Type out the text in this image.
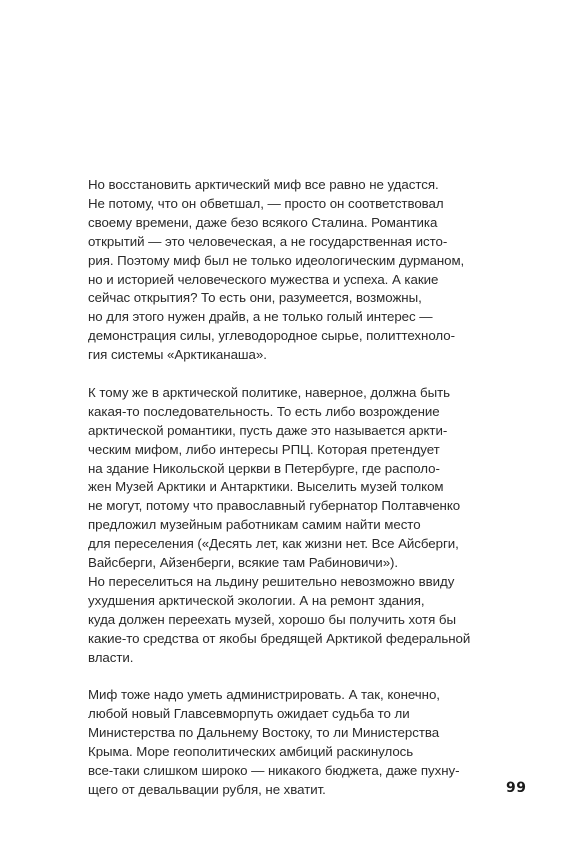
Но восстановить арктический миф все равно не удастся.
Не потому, что он обветшал, — просто он соответствовал
своему времени, даже безо всякого Сталина. Романтика
открытий — это человеческая, а не государственная исто-
рия. Поэтому миф был не только идеологическим дурманом,
но и историей человеческого мужества и успеха. А какие
сейчас открытия? То есть они, разумеется, возможны,
но для этого нужен драйв, а не только голый интерес —
демонстрация силы, углеводородное сырье, политтехноло-
гия системы «Арктиканаша».

К тому же в арктической политике, наверное, должна быть
какая-то последовательность. То есть либо возрождение
арктической романтики, пусть даже это называется аркти-
ческим мифом, либо интересы РПЦ. Которая претендует
на здание Никольской церкви в Петербурге, где располо-
жен Музей Арктики и Антарктики. Выселить музей толком
не могут, потому что православный губернатор Полтавченко
предложил музейным работникам самим найти место
для переселения («Десять лет, как жизни нет. Все Айсберги,
Вайсберги, Айзенберги, всякие там Рабиновичи»).
Но переселиться на льдину решительно невозможно ввиду
ухудшения арктической экологии. А на ремонт здания,
куда должен переехать музей, хорошо бы получить хотя бы
какие-то средства от якобы бредящей Арктикой федеральной
власти.

Миф тоже надо уметь администрировать. А так, конечно,
любой новый Главсевморпуть ожидает судьба то ли
Министерства по Дальнему Востоку, то ли Министерства
Крыма. Море геополитических амбиций раскинулось
все-таки слишком широко — никакого бюджета, даже пухну-
щего от девальвации рубля, не хватит.	99
